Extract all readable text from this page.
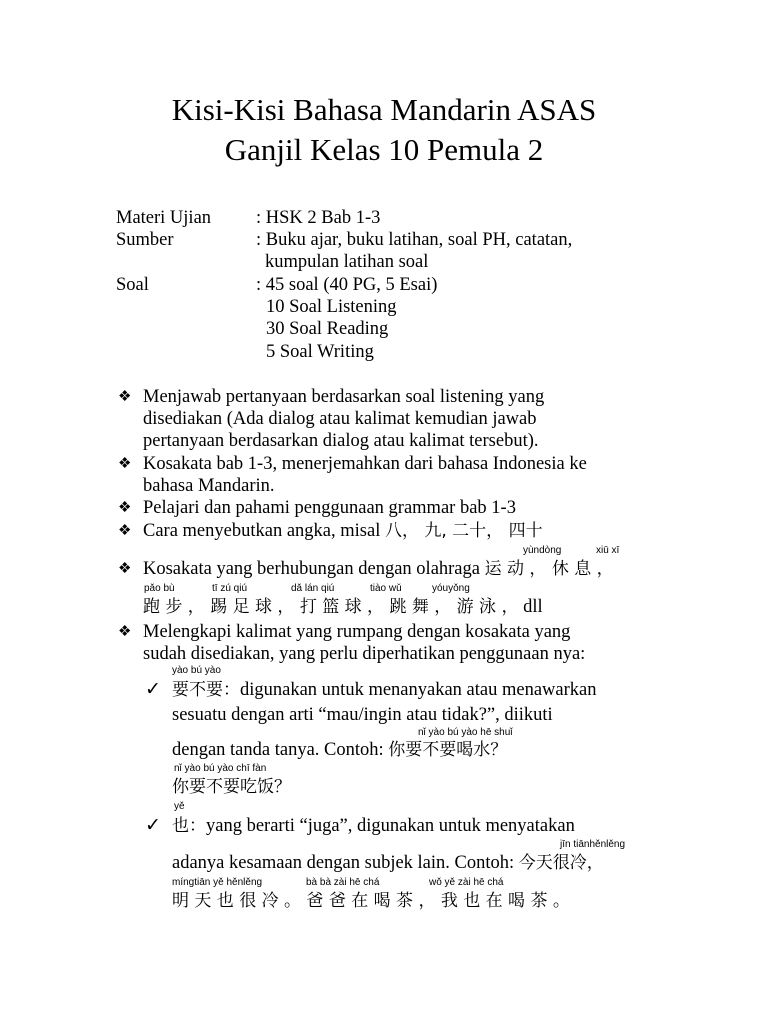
Kisi-Kisi Bahasa Mandarin ASAS
Ganjil Kelas 10 Pemula 2
Materi Ujian : HSK 2 Bab 1-3
Sumber	: Buku ajar, buku latihan, soal PH, catatan,
kumpulan latihan soal
Soal	: 45 soal (40 PG, 5 Esai)
10 Soal Listening
30 Soal Reading
5 Soal Writing
❖ Menjawab pertanyaan berdasarkan soal listening yang
disediakan (Ada dialog atau kalimat kemudian jawab
pertanyaan berdasarkan dialog atau kalimat tersebut).
❖ Kosakata bab 1-3, menerjemahkan dari bahasa Indonesia ke
bahasa Mandarin.
❖ Pelajari dan pahami penggunaan grammar bab 1-3
❖ Cara menyebutkan angka, misal 八， 九, 二十， 四十
yùndòng	xiū xī
❖ Kosakata yang berhubungan dengan olahraga 运 动 ， 休 息 ，
pǎo bù	tī zú qiú	dǎ lán qiú	tiào wǔ	yóuyǒng
跑 步 ， 踢 足 球 ， 打 篮 球 ， 跳 舞 ， 游 泳 ， dll
❖ Melengkapi kalimat yang rumpang dengan kosakata yang
sudah disediakan, yang perlu diperhatikan penggunaan nya:
yào bú yào
✓ 要不要：digunakan untuk menanyakan atau menawarkan
sesuatu dengan arti “mau/ingin atau tidak?”, diikuti
nǐ yào bú yào hē shuǐ
dengan tanda tanya. Contoh: 你要不要喝水？
nǐ yào bú yào chī fàn
你要不要吃饭？
yě
✓ 也：yang berarti “juga”, digunakan untuk menyatakan
jīn tiānhěnlěng
adanya kesamaan dengan subjek lain. Contoh: 今天很冷，
míngtiān yě hěnlěng	bà bà zài hē chá	wǒ yě zài hē chá
明 天 也 很 冷 。 爸 爸 在 喝 茶 ， 我 也 在 喝 茶 。
